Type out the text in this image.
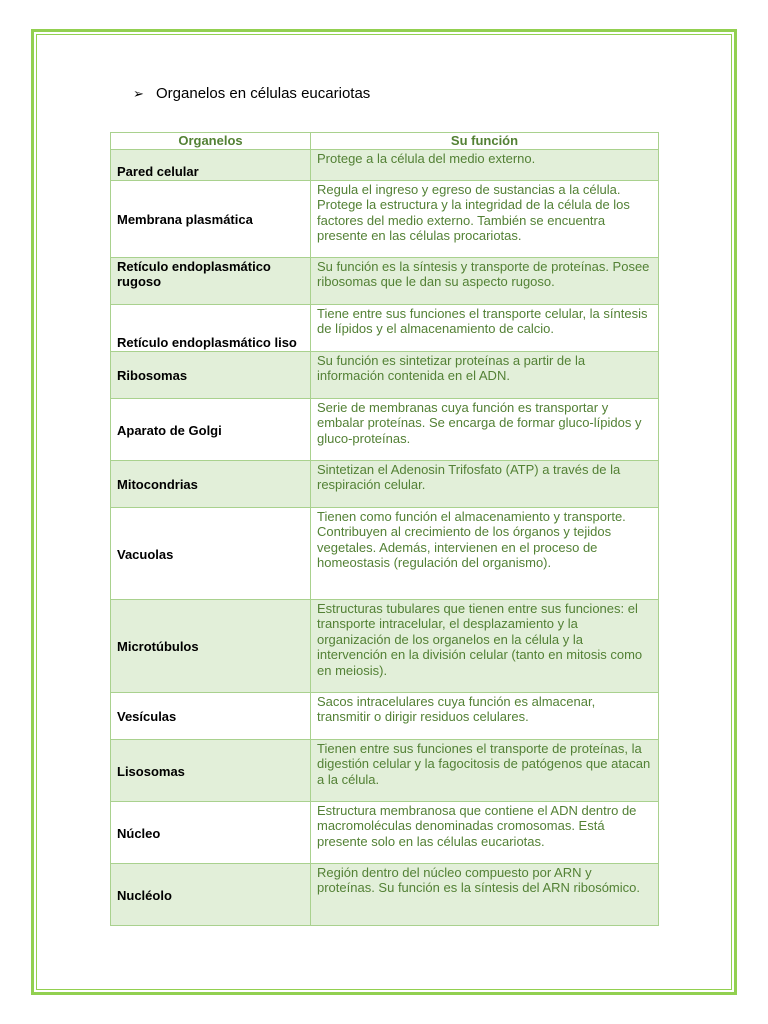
➢ Organelos en células eucariotas
Organelos	Su función
Pared celular	Protege a la célula del medio externo.
Membrana plasmática	Regula el ingreso y egreso de sustancias a la célula. Protege la estructura y la integridad de la célula de los factores del medio externo. También se encuentra presente en las células procariotas.
Retículo endoplasmático rugoso	Su función es la síntesis y transporte de proteínas. Posee ribosomas que le dan su aspecto rugoso.
Retículo endoplasmático liso	Tiene entre sus funciones el transporte celular, la síntesis de lípidos y el almacenamiento de calcio.
Ribosomas	Su función es sintetizar proteínas a partir de la información contenida en el ADN.
Aparato de Golgi	Serie de membranas cuya función es transportar y embalar proteínas. Se encarga de formar gluco-lípidos y gluco-proteínas.
Mitocondrias	Sintetizan el Adenosin Trifosfato (ATP) a través de la respiración celular.
Vacuolas	Tienen como función el almacenamiento y transporte. Contribuyen al crecimiento de los órganos y tejidos vegetales. Además, intervienen en el proceso de homeostasis (regulación del organismo).
Microtúbulos	Estructuras tubulares que tienen entre sus funciones: el transporte intracelular, el desplazamiento y la organización de los organelos en la célula y la intervención en la división celular (tanto en mitosis como en meiosis).
Vesículas	Sacos intracelulares cuya función es almacenar, transmitir o dirigir residuos celulares.
Lisosomas	Tienen entre sus funciones el transporte de proteínas, la digestión celular y la fagocitosis de patógenos que atacan a la célula.
Núcleo	Estructura membranosa que contiene el ADN dentro de macromoléculas denominadas cromosomas. Está presente solo en las células eucariotas.
Nucléolo	Región dentro del núcleo compuesto por ARN y proteínas. Su función es la síntesis del ARN ribosómico.
